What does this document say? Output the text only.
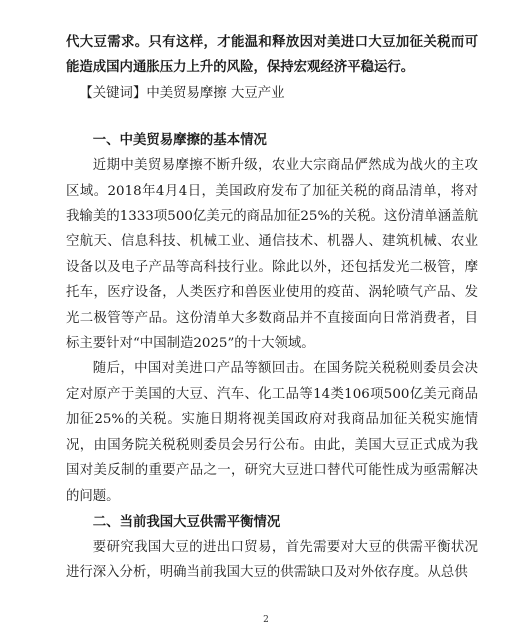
代大豆需求。只有这样，才能温和释放因对美进口大豆加征关税而可能造成国内通胀压力上升的风险，保持宏观经济平稳运行。

【关键词】中美贸易摩擦 大豆产业

一、中美贸易摩擦的基本情况

近期中美贸易摩擦不断升级，农业大宗商品俨然成为战火的主攻区域。2018年4月4日，美国政府发布了加征关税的商品清单，将对我输美的1333项500亿美元的商品加征25%的关税。这份清单涵盖航空航天、信息科技、机械工业、通信技术、机器人、建筑机械、农业设备以及电子产品等高科技行业。除此以外，还包括发光二极管，摩托车，医疗设备，人类医疗和兽医业使用的疫苗、涡轮喷气产品、发光二极管等产品。这份清单大多数商品并不直接面向日常消费者，目标主要针对“中国制造2025”的十大领域。

随后，中国对美进口产品等额回击。在国务院关税税则委员会决定对原产于美国的大豆、汽车、化工品等14类106项500亿美元商品加征25%的关税。实施日期将视美国政府对我商品加征关税实施情况，由国务院关税税则委员会另行公布。由此，美国大豆正式成为我国对美反制的重要产品之一，研究大豆进口替代可能性成为亟需解决的问题。

二、当前我国大豆供需平衡情况

要研究我国大豆的进出口贸易，首先需要对大豆的供需平衡状况进行深入分析，明确当前我国大豆的供需缺口及对外依存度。从总供

2
